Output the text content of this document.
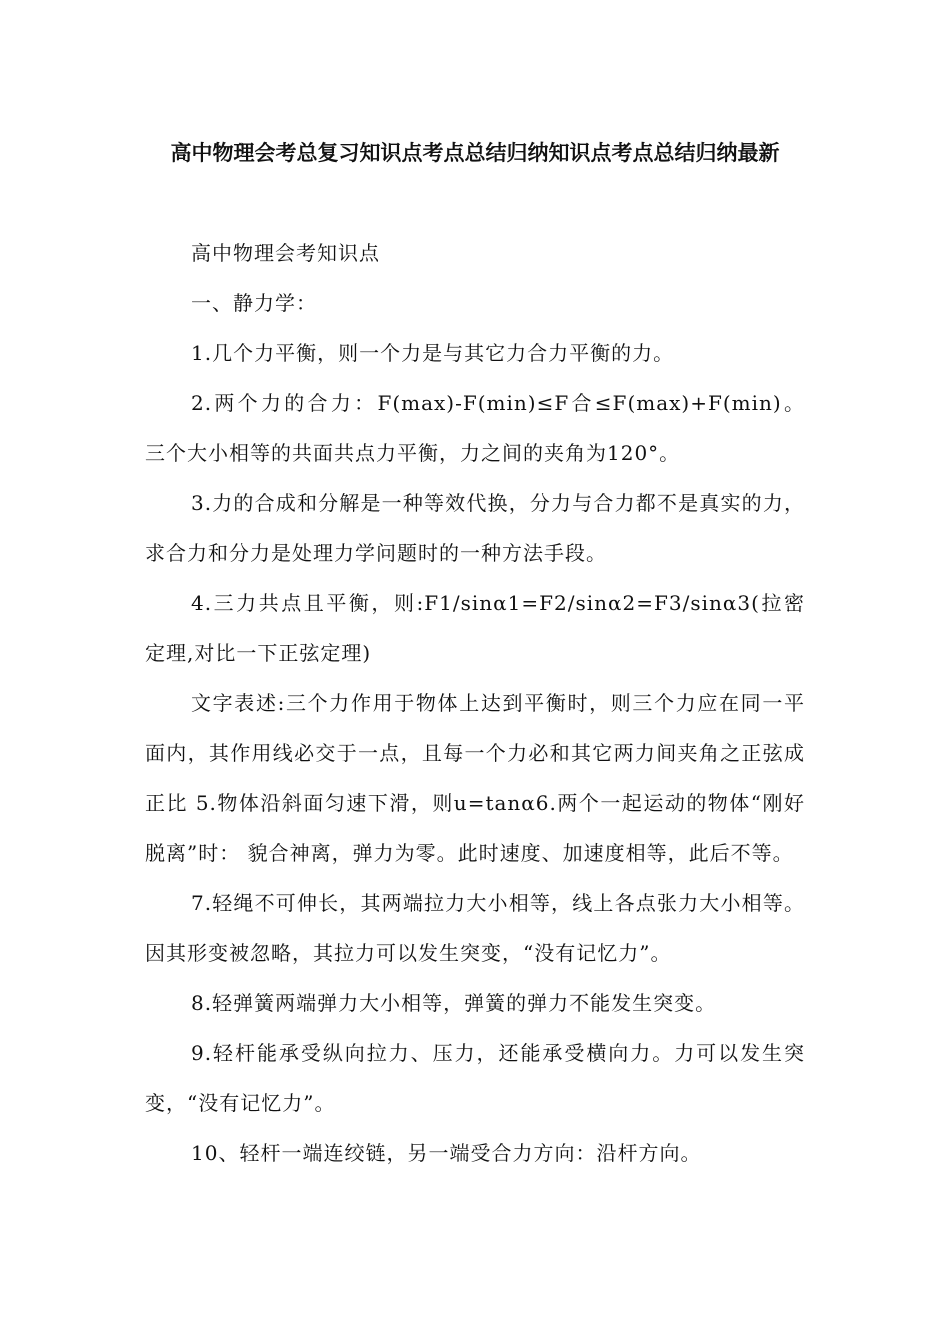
高中物理会考总复习知识点考点总结归纳知识点考点总结归纳最新

高中物理会考知识点

一、静力学：

1.几个力平衡，则一个力是与其它力合力平衡的力。

2.两个力的合力：F(max)-F(min)≤F合≤F(max)+F(min)。 三个大小相等的共面共点力平衡，力之间的夹角为120°。

3.力的合成和分解是一种等效代换，分力与合力都不是真实的力，求合力和分力是处理力学问题时的一种方法手段。

4.三力共点且平衡，则:F1/sinα1=F2/sinα2=F3/sinα3(拉密定理,对比一下正弦定理)

文字表述:三个力作用于物体上达到平衡时，则三个力应在同一平面内，其作用线必交于一点，且每一个力必和其它两力间夹角之正弦成正比 5.物体沿斜面匀速下滑，则u=tanα6.两个一起运动的物体“刚好脱离”时： 貌合神离，弹力为零。此时速度、加速度相等，此后不等。

7.轻绳不可伸长，其两端拉力大小相等，线上各点张力大小相等。因其形变被忽略，其拉力可以发生突变，“没有记忆力”。

8.轻弹簧两端弹力大小相等，弹簧的弹力不能发生突变。

9.轻杆能承受纵向拉力、压力，还能承受横向力。力可以发生突变，“没有记忆力”。

10、轻杆一端连绞链，另一端受合力方向：沿杆方向。
